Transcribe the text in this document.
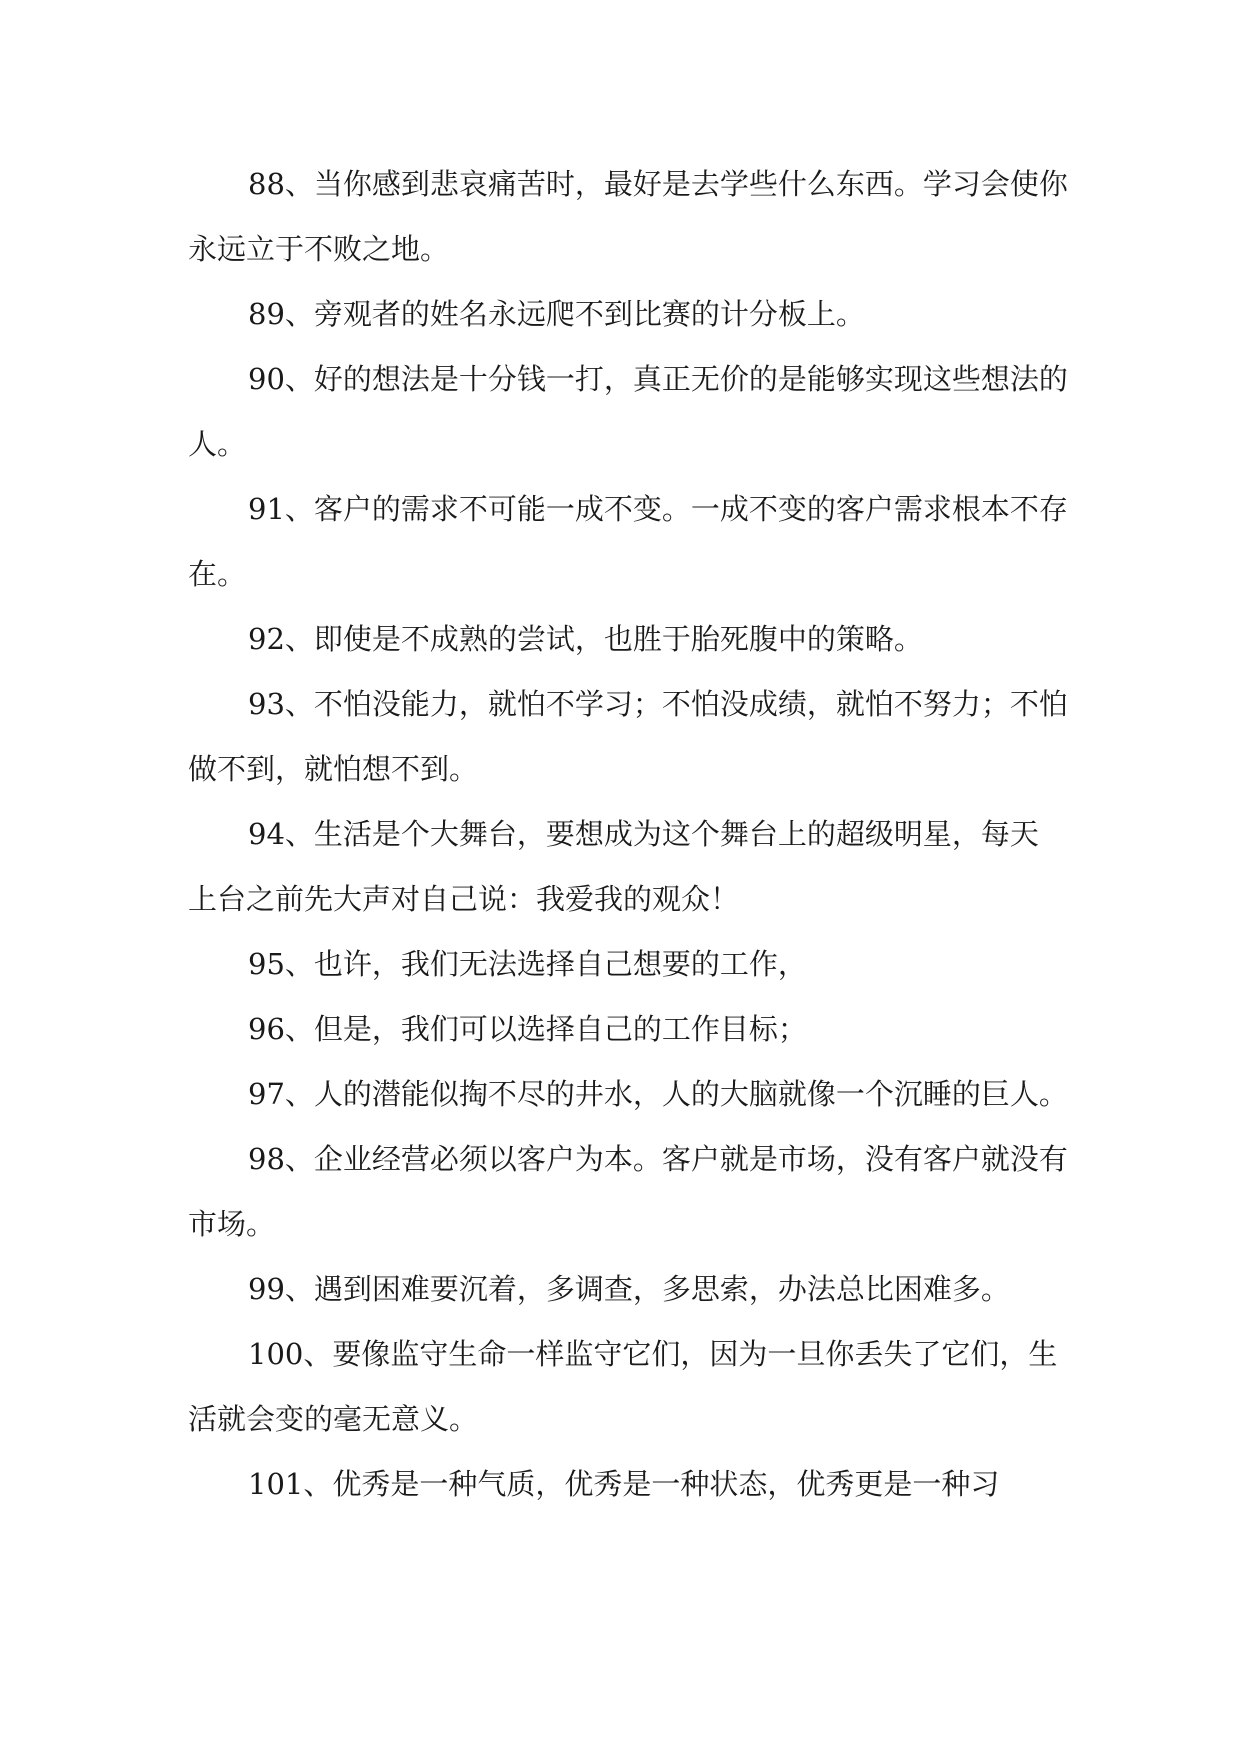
88、当你感到悲哀痛苦时，最好是去学些什么东西。学习会使你永远立于不败之地。

89、旁观者的姓名永远爬不到比赛的计分板上。

90、好的想法是十分钱一打，真正无价的是能够实现这些想法的人。

91、客户的需求不可能一成不变。一成不变的客户需求根本不存在。

92、即使是不成熟的尝试，也胜于胎死腹中的策略。

93、不怕没能力，就怕不学习；不怕没成绩，就怕不努力；不怕做不到，就怕想不到。

94、生活是个大舞台，要想成为这个舞台上的超级明星，每天 上台之前先大声对自己说：我爱我的观众！

95、也许，我们无法选择自己想要的工作，

96、但是，我们可以选择自己的工作目标；

97、人的潜能似掏不尽的井水，人的大脑就像一个沉睡的巨人。

98、企业经营必须以客户为本。客户就是市场，没有客户就没有市场。

99、遇到困难要沉着，多调查，多思索，办法总比困难多。

100、要像监守生命一样监守它们，因为一旦你丢失了它们，生活就会变的毫无意义。

101、优秀是一种气质，优秀是一种状态，优秀更是一种习
